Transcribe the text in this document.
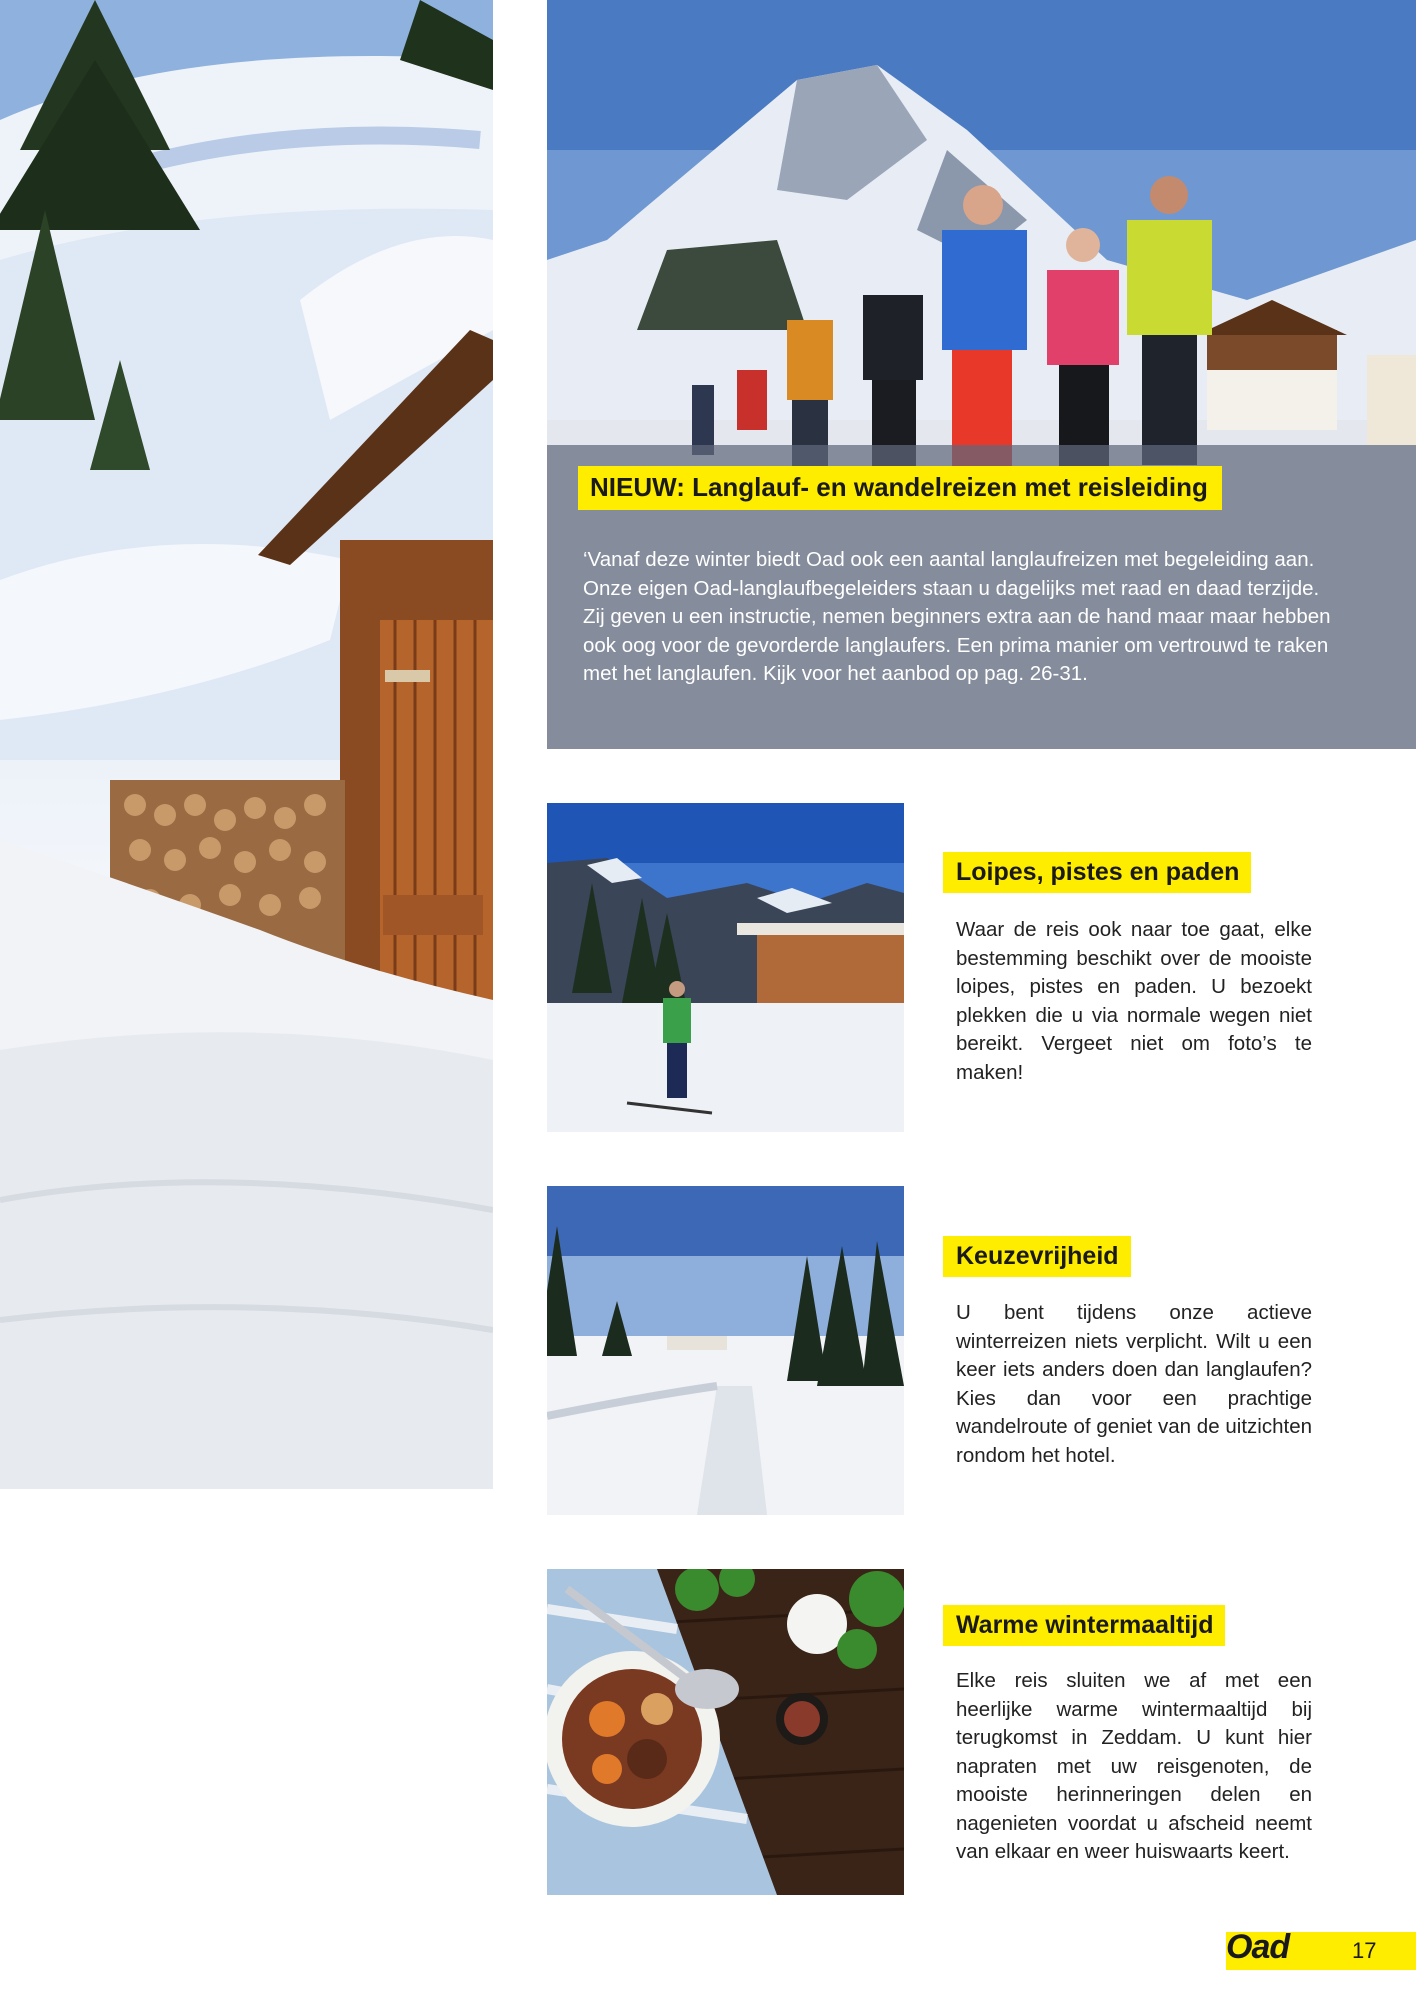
NIEUW: Langlauf- en wandelreizen met reisleiding
‘Vanaf deze winter biedt Oad ook een aantal langlaufreizen met begeleiding aan. Onze eigen Oad-langlaufbegeleiders staan u dagelijks met raad en daad terzijde. Zij geven u een instructie, nemen beginners extra aan de hand maar maar hebben ook oog voor de gevorderde langlaufers. Een prima manier om vertrouwd te raken met het langlaufen. Kijk voor het aanbod op pag. 26-31.
Loipes, pistes en paden
Waar de reis ook naar toe gaat, elke bestemming beschikt over de mooiste loipes, pistes en paden. U bezoekt plekken die u via normale wegen niet bereikt. Vergeet niet om foto’s te maken!
Keuzevrijheid
U bent tijdens onze actieve winterreizen niets verplicht. Wilt u een keer iets anders doen dan langlaufen? Kies dan voor een prachtige wandelroute of geniet van de uitzichten rondom het hotel.
Warme wintermaaltijd
Elke reis sluiten we af met een heerlijke warme wintermaaltijd bij terugkomst in Zeddam. U kunt hier napraten met uw reisgenoten, de mooiste herinneringen delen en nagenieten voordat u afscheid neemt van elkaar en weer huiswaarts keert.
Oad	17
